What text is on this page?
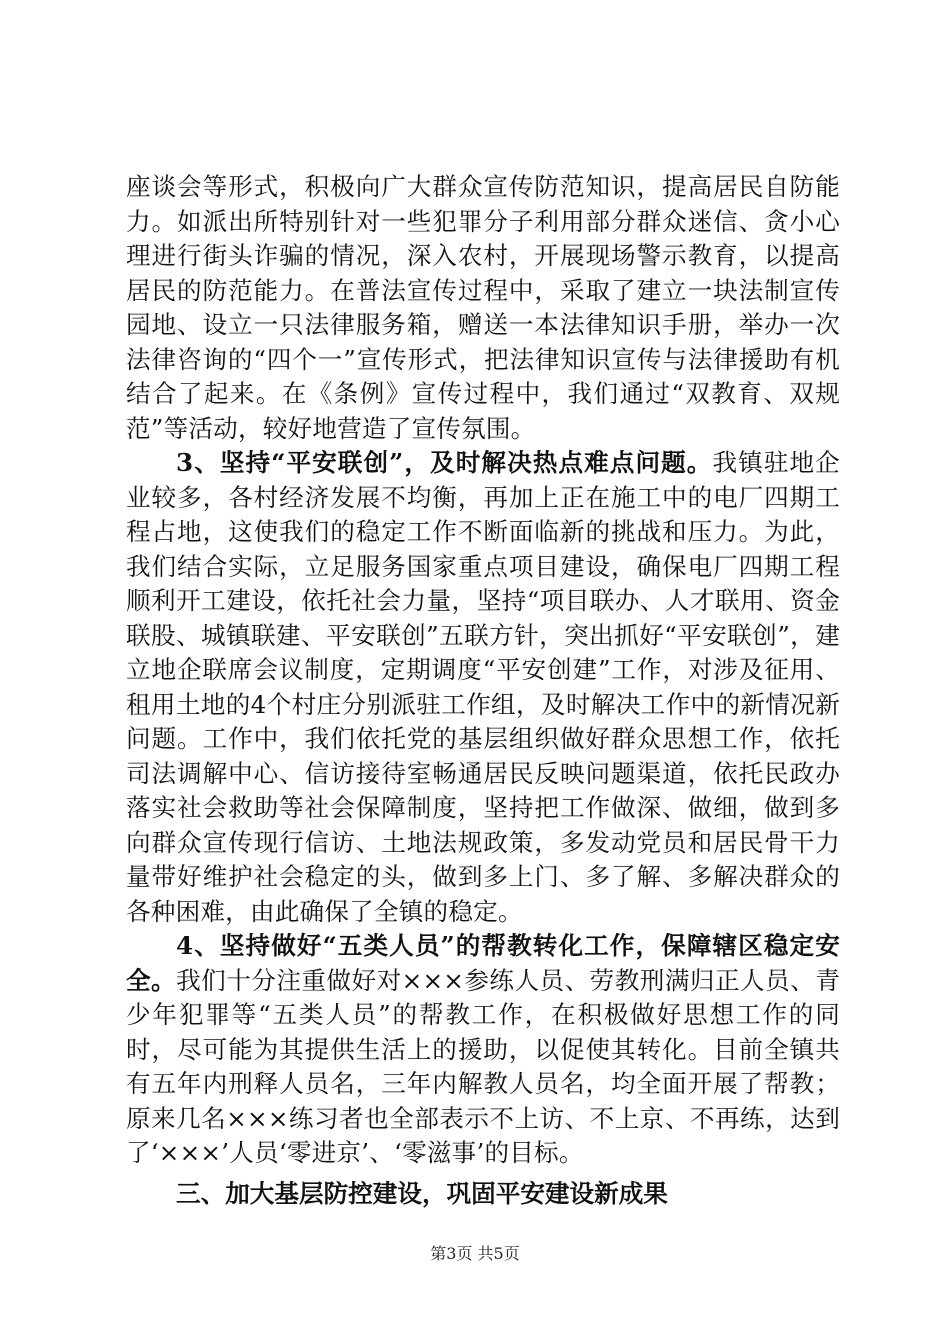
座谈会等形式，积极向广大群众宣传防范知识，提高居民自防能力。如派出所特别针对一些犯罪分子利用部分群众迷信、贪小心理进行街头诈骗的情况，深入农村，开展现场警示教育，以提高居民的防范能力。在普法宣传过程中，采取了建立一块法制宣传园地、设立一只法律服务箱，赠送一本法律知识手册，举办一次法律咨询的“四个一”宣传形式，把法律知识宣传与法律援助有机结合了起来。在《条例》宣传过程中，我们通过“双教育、双规范”等活动，较好地营造了宣传氛围。

3、坚持“平安联创”，及时解决热点难点问题。我镇驻地企业较多，各村经济发展不均衡，再加上正在施工中的电厂四期工程占地，这使我们的稳定工作不断面临新的挑战和压力。为此，我们结合实际，立足服务国家重点项目建设，确保电厂四期工程顺利开工建设，依托社会力量，坚持“项目联办、人才联用、资金联股、城镇联建、平安联创”五联方针，突出抓好“平安联创”，建立地企联席会议制度，定期调度“平安创建”工作，对涉及征用、租用土地的4个村庄分别派驻工作组，及时解决工作中的新情况新问题。工作中，我们依托党的基层组织做好群众思想工作，依托司法调解中心、信访接待室畅通居民反映问题渠道，依托民政办落实社会救助等社会保障制度，坚持把工作做深、做细，做到多向群众宣传现行信访、土地法规政策，多发动党员和居民骨干力量带好维护社会稳定的头，做到多上门、多了解、多解决群众的各种困难，由此确保了全镇的稳定。

4、坚持做好“五类人员”的帮教转化工作，保障辖区稳定安全。我们十分注重做好对×××参练人员、劳教刑满归正人员、青少年犯罪等“五类人员”的帮教工作，在积极做好思想工作的同时，尽可能为其提供生活上的援助，以促使其转化。目前全镇共有五年内刑释人员名，三年内解教人员名，均全面开展了帮教；原来几名×××练习者也全部表示不上访、不上京、不再练，达到了‘×××’人员‘零进京’、‘零滋事’的目标。

三、加大基层防控建设，巩固平安建设新成果

第3页 共5页
